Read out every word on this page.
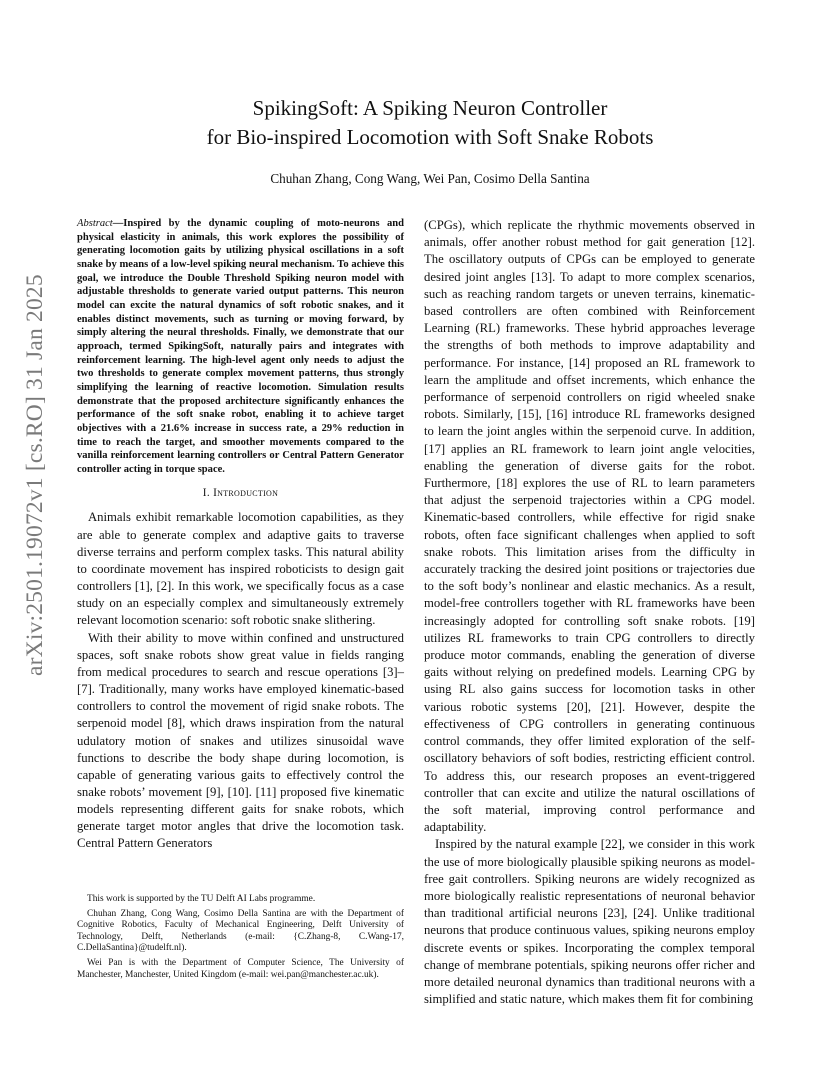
arXiv:2501.19072v1 [cs.RO] 31 Jan 2025
SpikingSoft: A Spiking Neuron Controller
for Bio-inspired Locomotion with Soft Snake Robots
Chuhan Zhang, Cong Wang, Wei Pan, Cosimo Della Santina
Abstract—Inspired by the dynamic coupling of moto-neurons and physical elasticity in animals, this work explores the possibility of generating locomotion gaits by utilizing physical oscillations in a soft snake by means of a low-level spiking neural mechanism. To achieve this goal, we introduce the Double Threshold Spiking neuron model with adjustable thresholds to generate varied output patterns. This neuron model can excite the natural dynamics of soft robotic snakes, and it enables distinct movements, such as turning or moving forward, by simply altering the neural thresholds. Finally, we demonstrate that our approach, termed SpikingSoft, naturally pairs and integrates with reinforcement learning. The high-level agent only needs to adjust the two thresholds to generate complex movement patterns, thus strongly simplifying the learning of reactive locomotion. Simulation results demonstrate that the proposed architecture significantly enhances the performance of the soft snake robot, enabling it to achieve target objectives with a 21.6% increase in success rate, a 29% reduction in time to reach the target, and smoother movements compared to the vanilla reinforcement learning controllers or Central Pattern Generator controller acting in torque space.
I. Introduction

Animals exhibit remarkable locomotion capabilities, as they are able to generate complex and adaptive gaits to traverse diverse terrains and perform complex tasks. This natural ability to coordinate movement has inspired roboticists to design gait controllers [1], [2]. In this work, we specifically focus as a case study on an especially complex and simultaneously extremely relevant locomotion scenario: soft robotic snake slithering.

With their ability to move within confined and unstructured spaces, soft snake robots show great value in fields ranging from medical procedures to search and rescue operations [3]–[7]. Traditionally, many works have employed kinematic-based controllers to control the movement of rigid snake robots. The serpenoid model [8], which draws inspiration from the natural udulatory motion of snakes and utilizes sinusoidal wave functions to describe the body shape during locomotion, is capable of generating various gaits to effectively control the snake robots’ movement [9], [10]. [11] proposed five kinematic models representing different gaits for snake robots, which generate target motor angles that drive the locomotion task. Central Pattern Generators

(CPGs), which replicate the rhythmic movements observed in animals, offer another robust method for gait generation [12]. The oscillatory outputs of CPGs can be employed to generate desired joint angles [13]. To adapt to more complex scenarios, such as reaching random targets or uneven terrains, kinematic-based controllers are often combined with Reinforcement Learning (RL) frameworks. These hybrid approaches leverage the strengths of both methods to improve adaptability and performance. For instance, [14] proposed an RL framework to learn the amplitude and offset increments, which enhance the performance of serpenoid controllers on rigid wheeled snake robots. Similarly, [15], [16] introduce RL frameworks designed to learn the joint angles within the serpenoid curve. In addition, [17] applies an RL framework to learn joint angle velocities, enabling the generation of diverse gaits for the robot. Furthermore, [18] explores the use of RL to learn parameters that adjust the serpenoid trajectories within a CPG model. Kinematic-based controllers, while effective for rigid snake robots, often face significant challenges when applied to soft snake robots. This limitation arises from the difficulty in accurately tracking the desired joint positions or trajectories due to the soft body’s nonlinear and elastic mechanics. As a result, model-free controllers together with RL frameworks have been increasingly adopted for controlling soft snake robots. [19] utilizes RL frameworks to train CPG controllers to directly produce motor commands, enabling the generation of diverse gaits without relying on predefined models. Learning CPG by using RL also gains success for locomotion tasks in other various robotic systems [20], [21]. However, despite the effectiveness of CPG controllers in generating continuous control commands, they offer limited exploration of the self-oscillatory behaviors of soft bodies, restricting efficient control. To address this, our research proposes an event-triggered controller that can excite and utilize the natural oscillations of the soft material, improving control performance and adaptability.

Inspired by the natural example [22], we consider in this work the use of more biologically plausible spiking neurons as model-free gait controllers. Spiking neurons are widely recognized as more biologically realistic representations of neuronal behavior than traditional artificial neurons [23], [24]. Unlike traditional neurons that produce continuous values, spiking neurons employ discrete events or spikes. Incorporating the complex temporal change of membrane potentials, spiking neurons offer richer and more detailed neuronal dynamics than traditional neurons with a simplified and static nature, which makes them fit for combining

This work is supported by the TU Delft AI Labs programme.

Chuhan Zhang, Cong Wang, Cosimo Della Santina are with the Department of Cognitive Robotics, Faculty of Mechanical Engineering, Delft University of Technology, Delft, Netherlands (e-mail: {C.Zhang-8, C.Wang-17, C.DellaSantina}@tudelft.nl).

Wei Pan is with the Department of Computer Science, The University of Manchester, Manchester, United Kingdom (e-mail: wei.pan@manchester.ac.uk).
